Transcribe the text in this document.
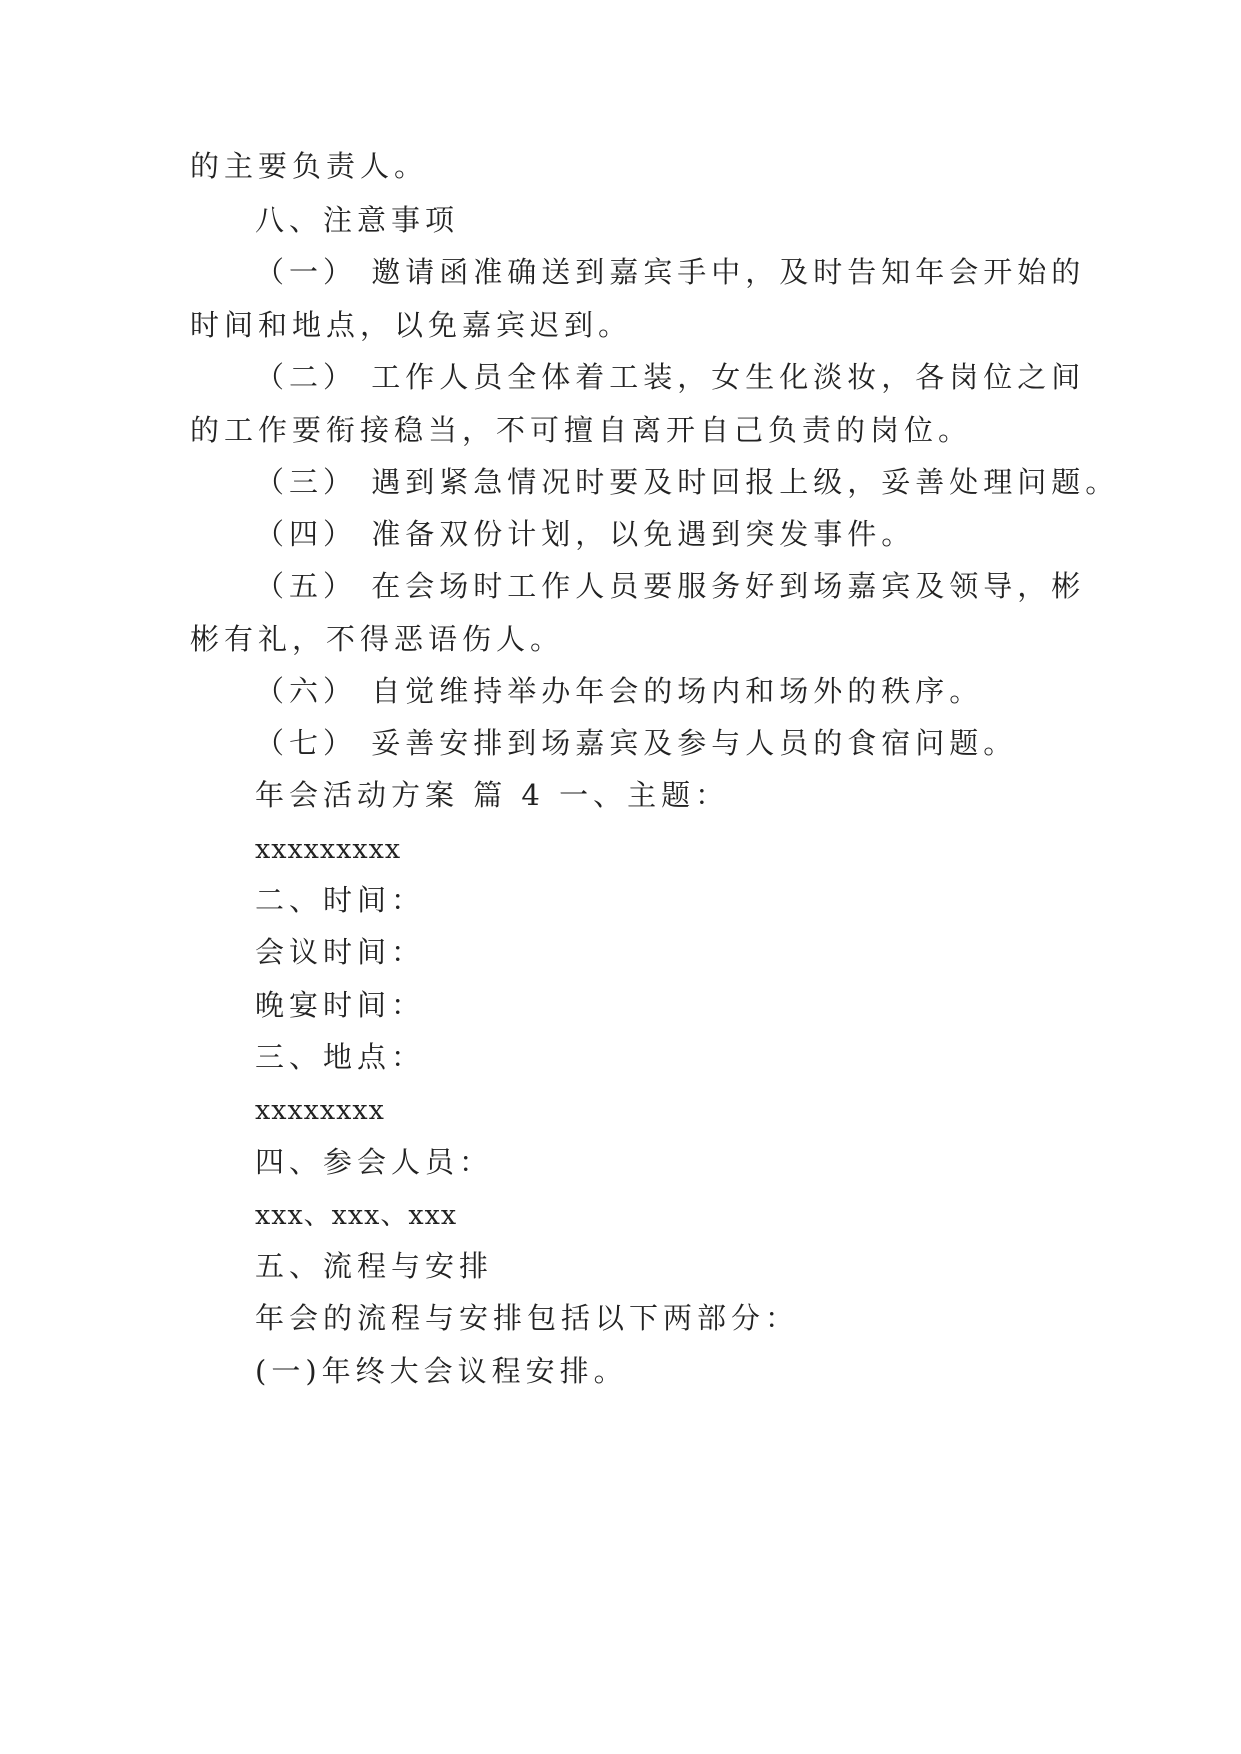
的主要负责人。
八、注意事项
（一） 邀请函准确送到嘉宾手中，及时告知年会开始的
时间和地点，以免嘉宾迟到。
（二） 工作人员全体着工装，女生化淡妆，各岗位之间
的工作要衔接稳当，不可擅自离开自己负责的岗位。
（三） 遇到紧急情况时要及时回报上级，妥善处理问题。
（四） 准备双份计划，以免遇到突发事件。
（五） 在会场时工作人员要服务好到场嘉宾及领导，彬
彬有礼，不得恶语伤人。
（六） 自觉维持举办年会的场内和场外的秩序。
（七） 妥善安排到场嘉宾及参与人员的食宿问题。
年会活动方案 篇 4 一、主题：
xxxxxxxxx
二、时间：
会议时间：
晚宴时间：
三、地点：
xxxxxxxx
四、参会人员：
xxx、xxx、xxx
五、流程与安排
年会的流程与安排包括以下两部分：
(一)年终大会议程安排。
